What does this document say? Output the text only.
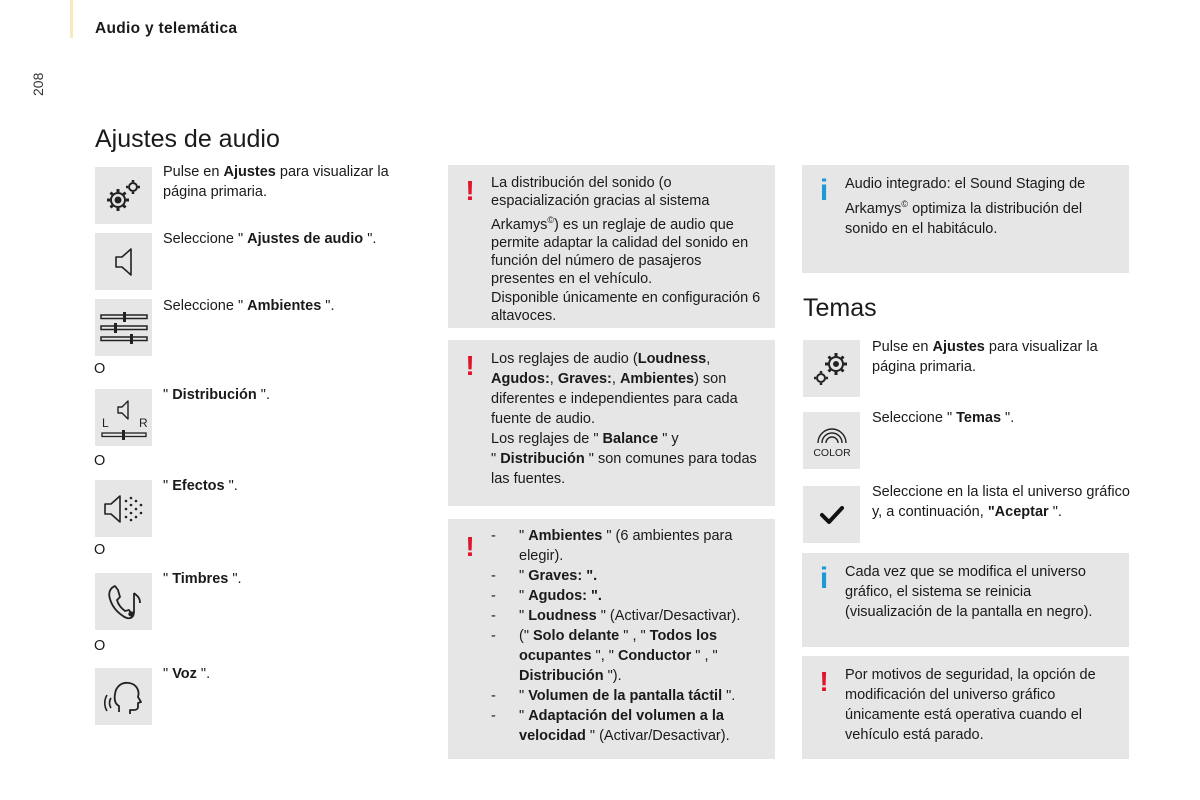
Audio y telemática
208
Ajustes de audio
Pulse en Ajustes para visualizar la página primaria.
Seleccione " Ajustes de audio ".
Seleccione " Ambientes ".
O
L	R
" Distribución ".
O
" Efectos ".
O
" Timbres ".
O
" Voz ".
! La distribución del sonido (o espacialización gracias al sistema Arkamys©) es un reglaje de audio que permite adaptar la calidad del sonido en función del número de pasajeros presentes en el vehículo.

Disponible únicamente en configuración 6 altavoces.

! Los reglajes de audio (Loudness, Agudos:, Graves:, Ambientes) son diferentes e independientes para cada fuente de audio.

Los reglajes de " Balance " y
" Distribución " son comunes para todas las fuentes.

!
-	" Ambientes " (6 ambientes para elegir).
- " Graves: ".
- " Agudos: ".
- " Loudness " (Activar/Desactivar).
- (" Solo delante " , " Todos los ocupantes ", " Conductor " , " Distribución ").
- " Volumen de la pantalla táctil ".
- " Adaptación del volumen a la velocidad " (Activar/Desactivar).
i Audio integrado: el Sound Staging de Arkamys© optimiza la distribución del sonido en el habitáculo.

Temas
Pulse en Ajustes para visualizar la página primaria.
COLOR
Seleccione " Temas ".
Seleccione en la lista el universo gráfico y, a continuación, "Aceptar ".
i Cada vez que se modifica el universo gráfico, el sistema se reinicia (visualización de la pantalla en negro).

! Por motivos de seguridad, la opción de modificación del universo gráfico únicamente está operativa cuando el vehículo está parado.
